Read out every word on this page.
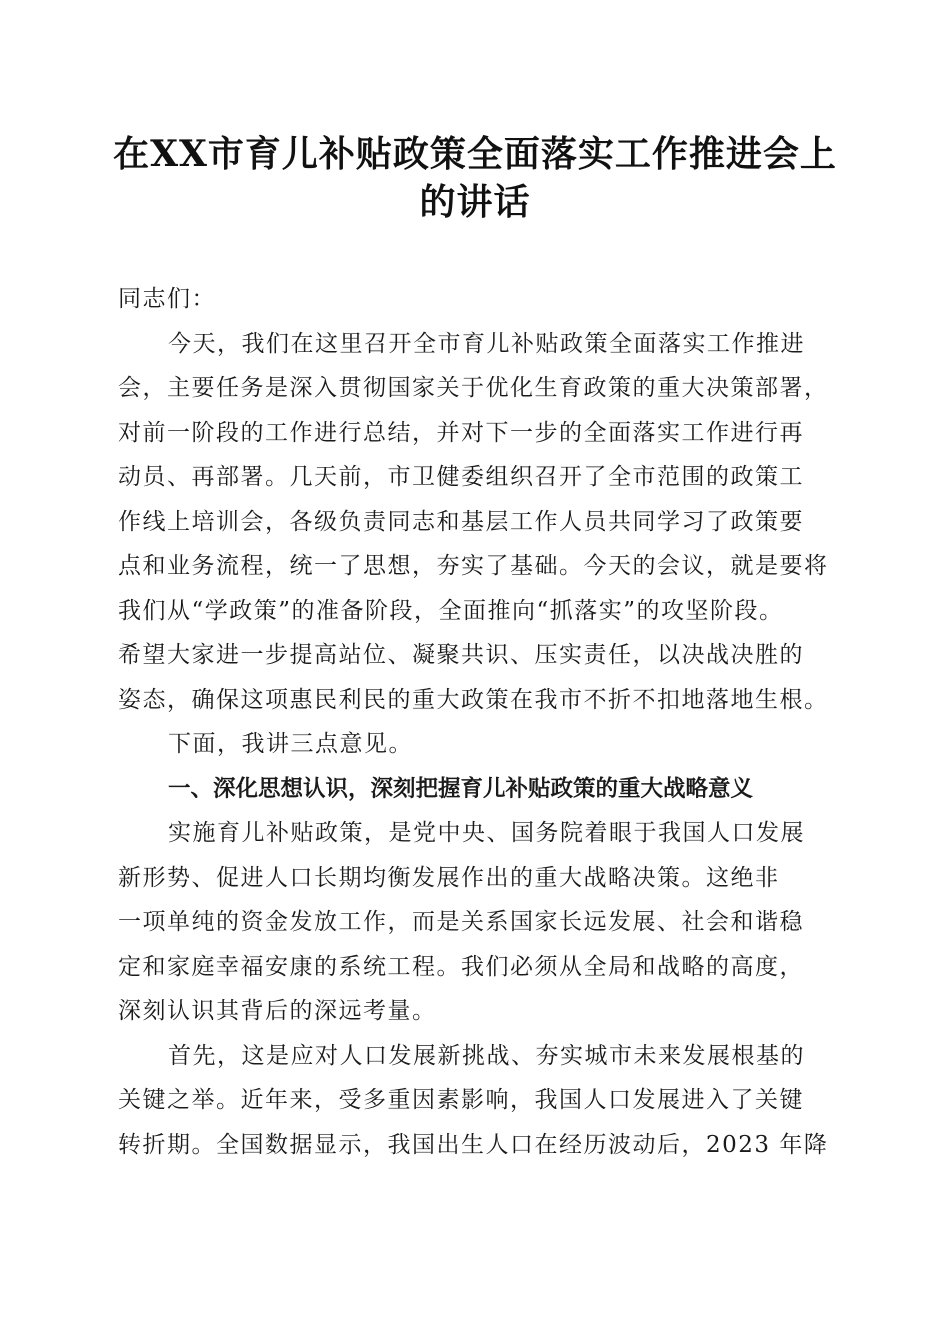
在XX市育儿补贴政策全面落实工作推进会上
的讲话
同志们：
今天，我们在这里召开全市育儿补贴政策全面落实工作推进
会，主要任务是深入贯彻国家关于优化生育政策的重大决策部署，
对前一阶段的工作进行总结，并对下一步的全面落实工作进行再
动员、再部署。几天前，市卫健委组织召开了全市范围的政策工
作线上培训会，各级负责同志和基层工作人员共同学习了政策要
点和业务流程，统一了思想，夯实了基础。今天的会议，就是要将
我们从“学政策”的准备阶段，全面推向“抓落实”的攻坚阶段。
希望大家进一步提高站位、凝聚共识、压实责任，以决战决胜的
姿态，确保这项惠民利民的重大政策在我市不折不扣地落地生根。
下面，我讲三点意见。
一、深化思想认识，深刻把握育儿补贴政策的重大战略意义
实施育儿补贴政策，是党中央、国务院着眼于我国人口发展
新形势、促进人口长期均衡发展作出的重大战略决策。这绝非
一项单纯的资金发放工作，而是关系国家长远发展、社会和谐稳
定和家庭幸福安康的系统工程。我们必须从全局和战略的高度，
深刻认识其背后的深远考量。
首先，这是应对人口发展新挑战、夯实城市未来发展根基的
关键之举。近年来，受多重因素影响，我国人口发展进入了关键
转折期。全国数据显示，我国出生人口在经历波动后，2023 年降
